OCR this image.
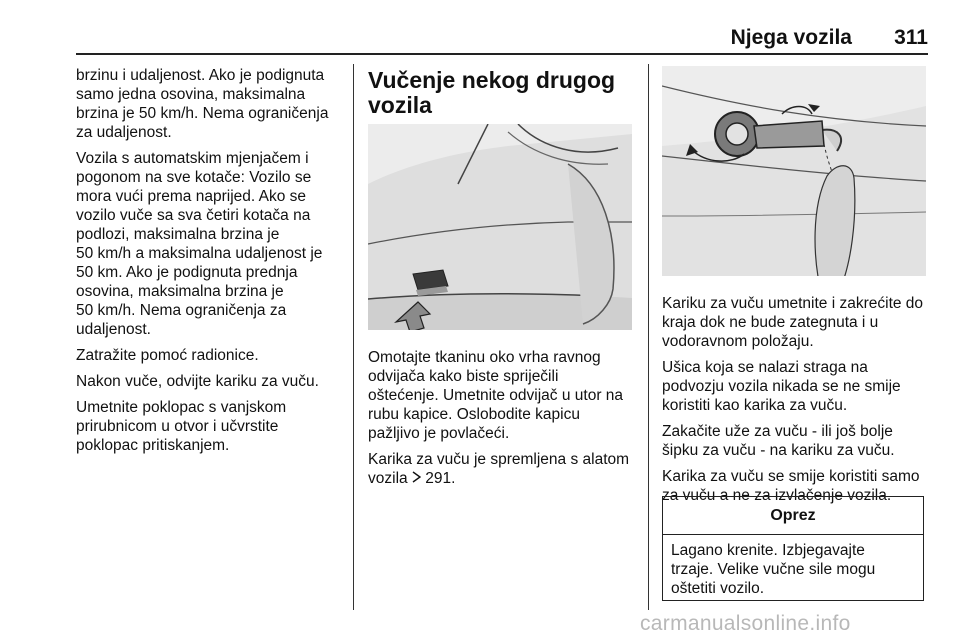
Njega vozila	311

brzinu i udaljenost. Ako je podignuta
samo jedna osovina, maksimalna
brzina je 50 km/h. Nema ograničenja
za udaljenost.

Vozila s automatskim mjenjačem i
pogonom na sve kotače: Vozilo se
mora vući prema naprijed. Ako se
vozilo vuče sa sva četiri kotača na
podlozi, maksimalna brzina je
50 km/h a maksimalna udaljenost je
50 km. Ako je podignuta prednja
osovina, maksimalna brzina je
50 km/h. Nema ograničenja za
udaljenost.

Zatražite pomoć radionice.

Nakon vuče, odvijte kariku za vuču.

Umetnite poklopac s vanjskom
prirubnicom u otvor i učvrstite
poklopac pritiskanjem.

Vučenje nekog drugog
vozila

Omotajte tkaninu oko vrha ravnog
odvijača kako biste spriječili
oštećenje. Umetnite odvijač u utor na
rubu kapice. Oslobodite kapicu
pažljivo je povlačeći.

Karika za vuču je spremljena s alatom
vozila  291.

Kariku za vuču umetnite i zakrećite do
kraja dok ne bude zategnuta i u
vodoravnom položaju.

Ušica koja se nalazi straga na
podvozju vozila nikada se ne smije
koristiti kao karika za vuču.

Zakačite uže za vuču - ili još bolje
šipku za vuču - na kariku za vuču.

Karika za vuču se smije koristiti samo
za vuču a ne za izvlačenje vozila.

Oprez
Lagano krenite. Izbjegavajte
trzaje. Velike vučne sile mogu
oštetiti vozilo.
carmanualsonline.info
